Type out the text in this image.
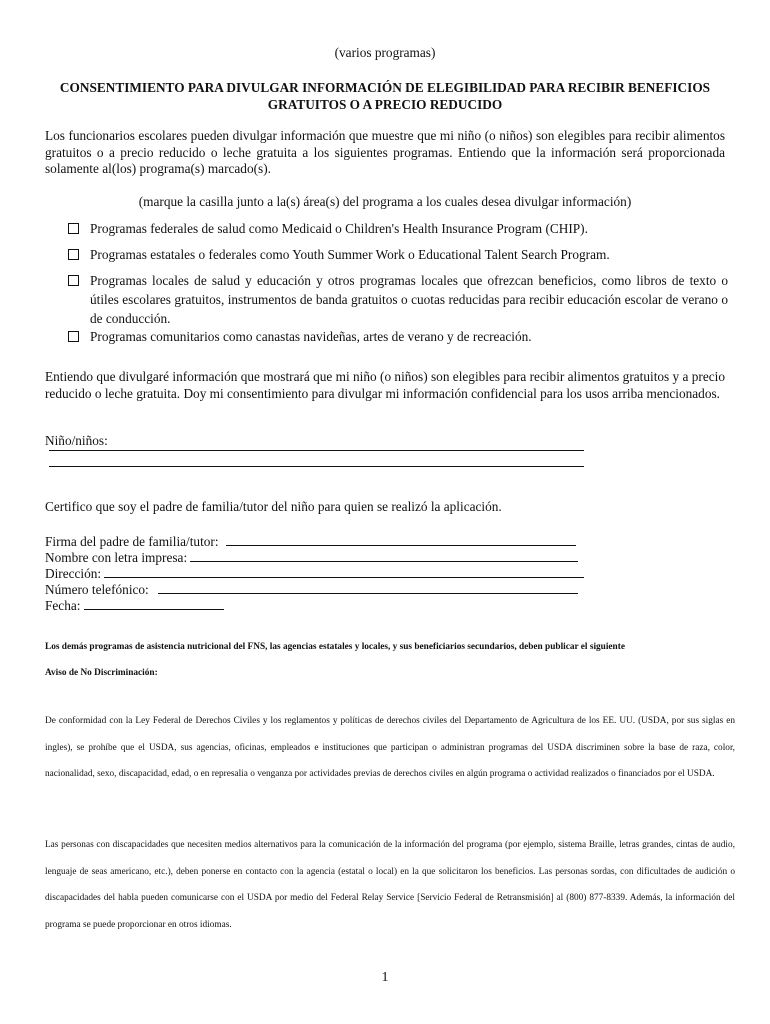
(varios programas)
CONSENTIMIENTO PARA DIVULGAR INFORMACIÓN DE ELEGIBILIDAD PARA RECIBIR BENEFICIOS
GRATUITOS O A PRECIO REDUCIDO
Los funcionarios escolares pueden divulgar información que muestre que mi niño (o niños) son elegibles para recibir alimentos gratuitos o a precio reducido o leche gratuita a los siguientes programas. Entiendo que la información será proporcionada solamente al(los) programa(s) marcado(s).
(marque la casilla junto a la(s) área(s) del programa a los cuales desea divulgar información)
Programas federales de salud como Medicaid o Children's Health Insurance Program (CHIP).
Programas estatales o federales como Youth Summer Work o Educational Talent Search Program.
Programas locales de salud y educación y otros programas locales que ofrezcan beneficios, como libros de texto o útiles escolares gratuitos, instrumentos de banda gratuitos o cuotas reducidas para recibir educación escolar de verano o de conducción.
Programas comunitarios como canastas navideñas, artes de verano y de recreación.
Entiendo que divulgaré información que mostrará que mi niño (o niños) son elegibles para recibir alimentos gratuitos y a precio reducido o leche gratuita. Doy mi consentimiento para divulgar mi información confidencial para los usos arriba mencionados.
Niño/niños:
Certifico que soy el padre de familia/tutor del niño para quien se realizó la aplicación.
Firma del padre de familia/tutor:
Nombre con letra impresa:
Dirección:
Número telefónico:
Fecha:
Los demás programas de asistencia nutricional del FNS, las agencias estatales y locales, y sus beneficiarios secundarios, deben publicar el siguiente
Aviso de No Discriminación:
De conformidad con la Ley Federal de Derechos Civiles y los reglamentos y políticas de derechos civiles del Departamento de Agricultura de los EE. UU. (USDA, por sus siglas en ingles), se prohíbe que el USDA, sus agencias, oficinas, empleados e instituciones que participan o administran programas del USDA discriminen sobre la base de raza, color, nacionalidad, sexo, discapacidad, edad, o en represalia o venganza por actividades previas de derechos civiles en algún programa o actividad realizados o financiados por el USDA.
Las personas con discapacidades que necesiten medios alternativos para la comunicación de la información del programa (por ejemplo, sistema Braille, letras grandes, cintas de audio, lenguaje de seas americano, etc.), deben ponerse en contacto con la agencia (estatal o local) en la que solicitaron los beneficios. Las personas sordas, con dificultades de audición o discapacidades del habla pueden comunicarse con el USDA por medio del Federal Relay Service [Servicio Federal de Retransmisión] al (800) 877-8339. Además, la información del programa se puede proporcionar en otros idiomas.
1
